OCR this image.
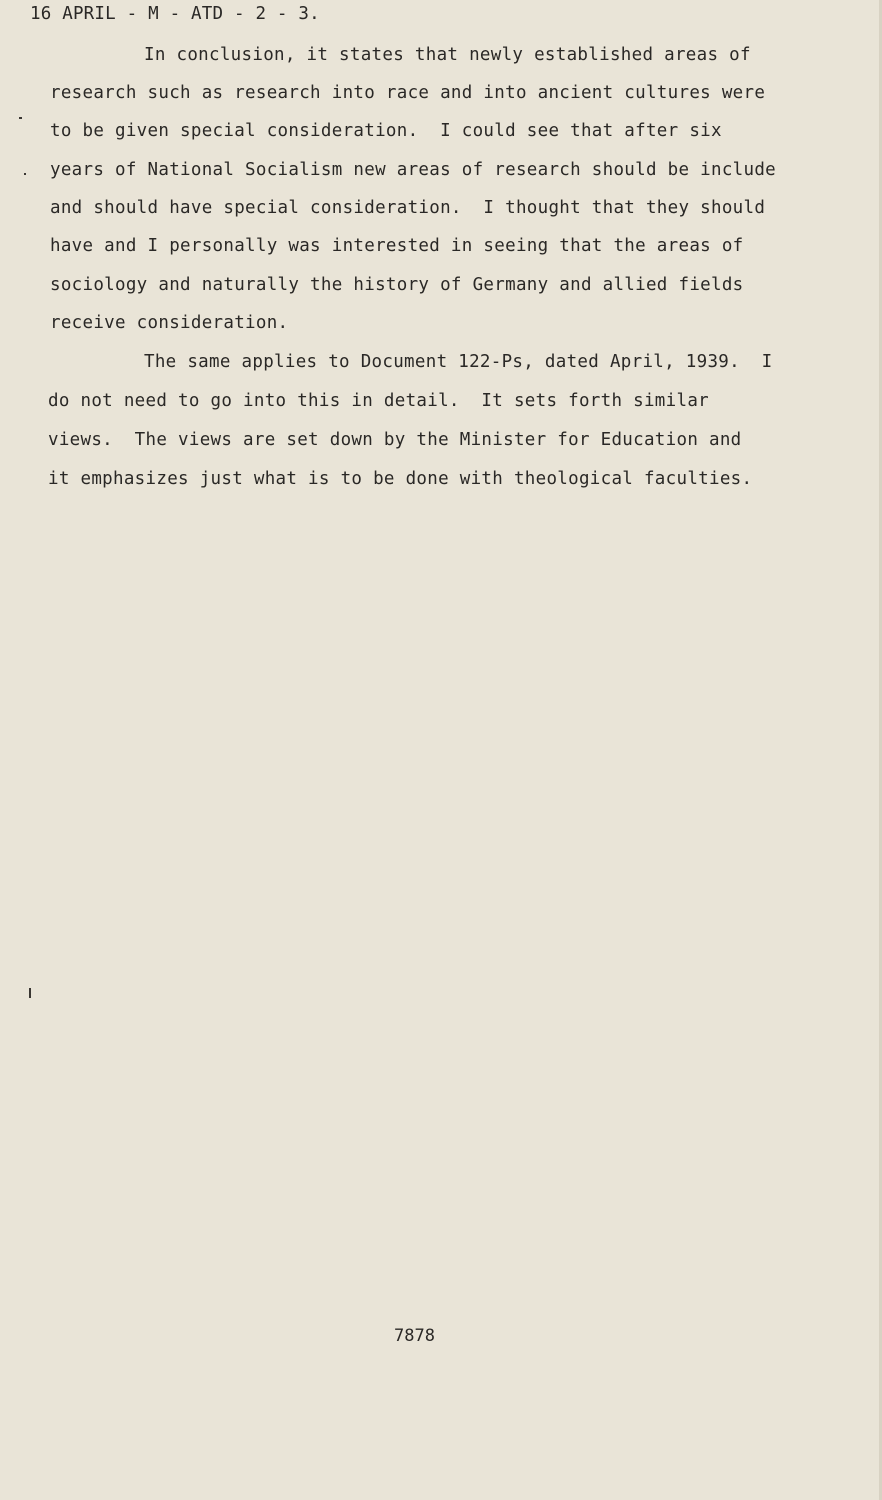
16 APRIL - M - ATD - 2 - 3.
In conclusion, it states that newly established areas of
research such as research into race and into ancient cultures were
to be given special consideration.  I could see that after six
years of National Socialism new areas of research should be include
and should have special consideration.  I thought that they should
have and I personally was interested in seeing that the areas of
sociology and naturally the history of Germany and allied fields
receive consideration.
The same applies to Document 122-Ps, dated April, 1939.  I
do not need to go into this in detail.  It sets forth similar
views.  The views are set down by the Minister for Education and
it emphasizes just what is to be done with theological faculties.
7878
